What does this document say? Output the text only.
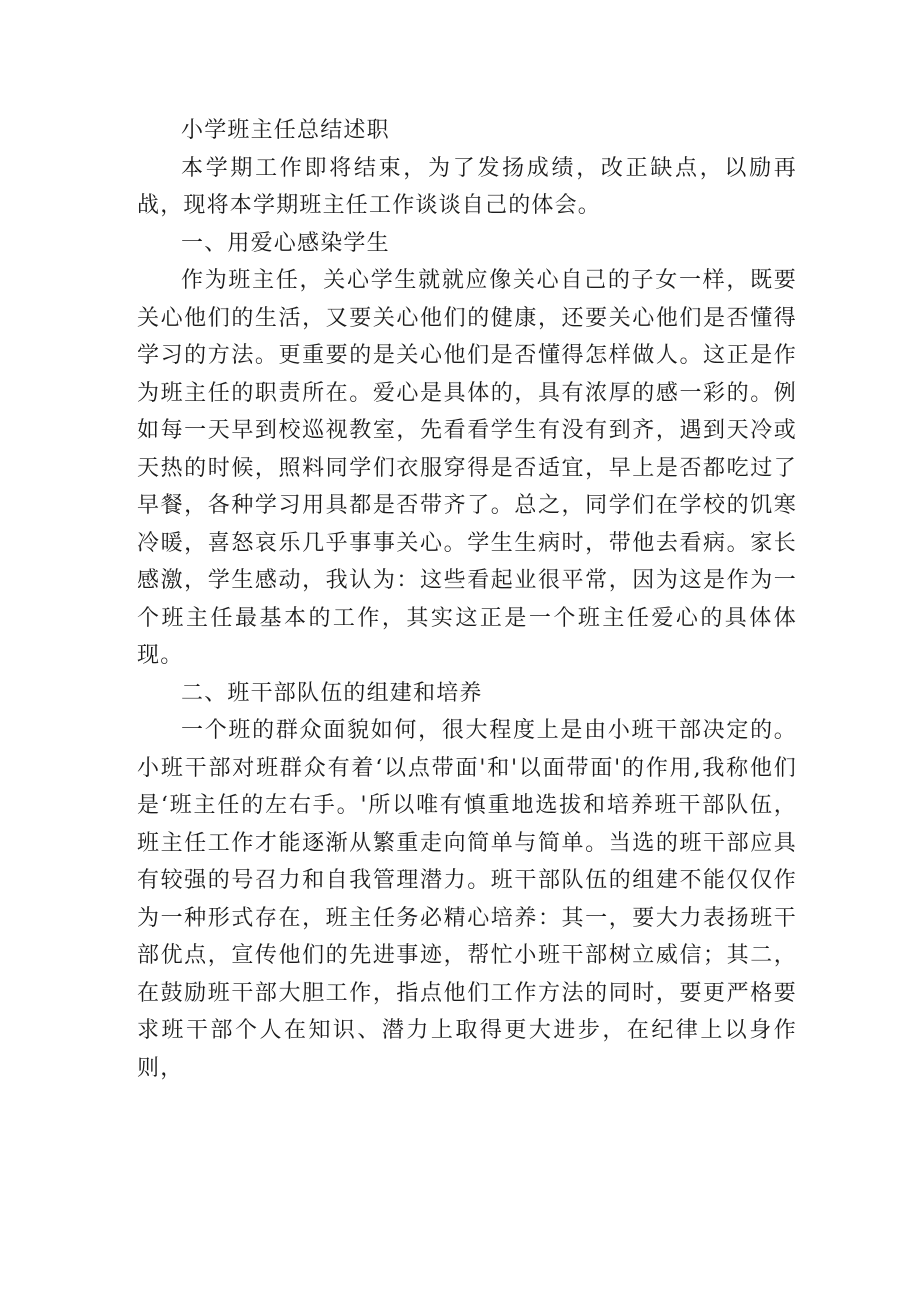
小学班主任总结述职

本学期工作即将结束，为了发扬成绩，改正缺点，以励再战，现将本学期班主任工作谈谈自己的体会。

一、用爱心感染学生

作为班主任，关心学生就就应像关心自己的子女一样，既要关心他们的生活，又要关心他们的健康，还要关心他们是否懂得学习的方法。更重要的是关心他们是否懂得怎样做人。这正是作为班主任的职责所在。爱心是具体的，具有浓厚的感一彩的。例如每一天早到校巡视教室，先看看学生有没有到齐，遇到天冷或天热的时候，照料同学们衣服穿得是否适宜，早上是否都吃过了早餐，各种学习用具都是否带齐了。总之，同学们在学校的饥寒冷暖，喜怒哀乐几乎事事关心。学生生病时，带他去看病。家长感激，学生感动，我认为：这些看起业很平常，因为这是作为一个班主任最基本的工作，其实这正是一个班主任爱心的具体体现。

二、班干部队伍的组建和培养

一个班的群众面貌如何，很大程度上是由小班干部决定的。小班干部对班群众有着‘以点带面'和'以面带面'的作用,我称他们是‘班主任的左右手。'所以唯有慎重地选拔和培养班干部队伍，班主任工作才能逐渐从繁重走向简单与简单。当选的班干部应具有较强的号召力和自我管理潜力。班干部队伍的组建不能仅仅作为一种形式存在，班主任务必精心培养：其一，要大力表扬班干部优点，宣传他们的先进事迹，帮忙小班干部树立威信；其二，在鼓励班干部大胆工作，指点他们工作方法的同时，要更严格要求班干部个人在知识、潜力上取得更大进步，在纪律上以身作则，
